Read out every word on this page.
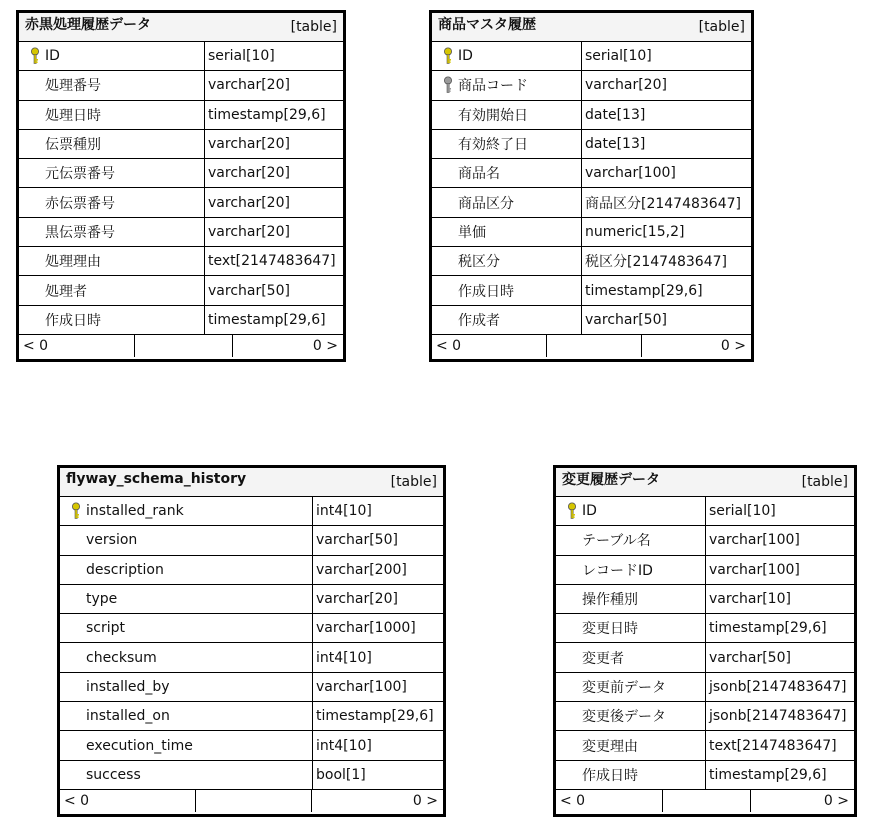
赤黒処理履歴データ	[table]
ID	serial[10]
処理番号	varchar[20]
処理日時	timestamp[29,6]
伝票種別	varchar[20]
元伝票番号	varchar[20]
赤伝票番号	varchar[20]
黒伝票番号	varchar[20]
処理理由	text[2147483647]
処理者	varchar[50]
作成日時	timestamp[29,6]
< 0	0 >
商品マスタ履歴	[table]
ID	serial[10]
商品コード	varchar[20]
有効開始日	date[13]
有効終了日	date[13]
商品名	varchar[100]
商品区分	商品区分[2147483647]
単価	numeric[15,2]
税区分	税区分[2147483647]
作成日時	timestamp[29,6]
作成者	varchar[50]
< 0	0 >
flyway_schema_history	[table]
installed_rank	int4[10]
version	varchar[50]
description	varchar[200]
type	varchar[20]
script	varchar[1000]
checksum	int4[10]
installed_by	varchar[100]
installed_on	timestamp[29,6]
execution_time	int4[10]
success	bool[1]
< 0	0 >
変更履歴データ	[table]
ID	serial[10]
テーブル名	varchar[100]
レコードID	varchar[100]
操作種別	varchar[10]
変更日時	timestamp[29,6]
変更者	varchar[50]
変更前データ	jsonb[2147483647]
変更後データ	jsonb[2147483647]
変更理由	text[2147483647]
作成日時	timestamp[29,6]
< 0	0 >
